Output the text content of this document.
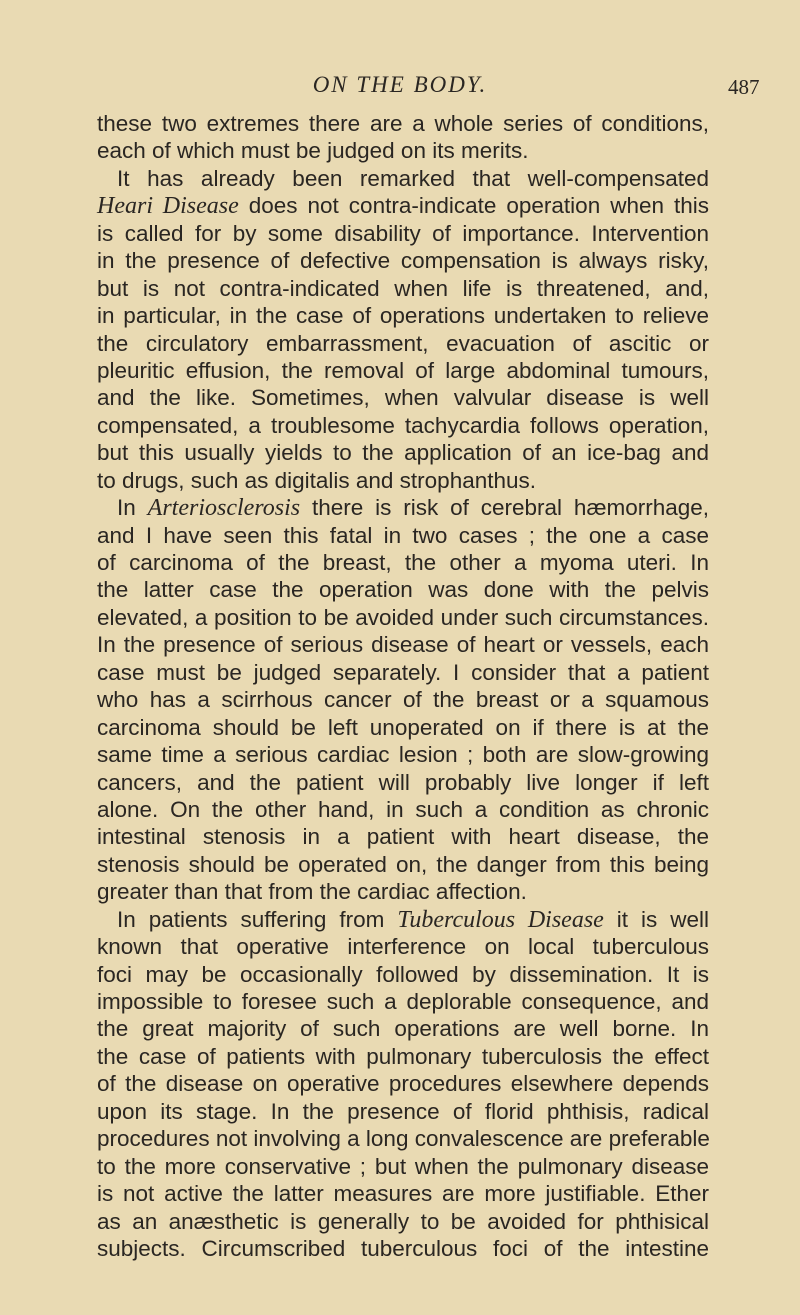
ON THE BODY.	487
these two extremes there are a whole series of conditions,
each of which must be judged on its merits.
It has already been remarked that well-compensated
Heari Disease does not contra-indicate operation when this
is called for by some disability of importance. Intervention
in the presence of defective compensation is always risky,
but is not contra-indicated when life is threatened, and,
in particular, in the case of operations undertaken to relieve
the circulatory embarrassment, evacuation of ascitic or
pleuritic effusion, the removal of large abdominal tumours,
and the like. Sometimes, when valvular disease is well
compensated, a troublesome tachycardia follows operation,
but this usually yields to the application of an ice-bag and
to drugs, such as digitalis and strophanthus.
In Arteriosclerosis there is risk of cerebral hæmorrhage,
and I have seen this fatal in two cases ; the one a case
of carcinoma of the breast, the other a myoma uteri. In
the latter case the operation was done with the pelvis
elevated, a position to be avoided under such circumstances.
In the presence of serious disease of heart or vessels, each
case must be judged separately. I consider that a patient
who has a scirrhous cancer of the breast or a squamous
carcinoma should be left unoperated on if there is at the
same time a serious cardiac lesion ; both are slow-growing
cancers, and the patient will probably live longer if left
alone. On the other hand, in such a condition as chronic
intestinal stenosis in a patient with heart disease, the
stenosis should be operated on, the danger from this being
greater than that from the cardiac affection.
In patients suffering from Tuberculous Disease it is well
known that operative interference on local tuberculous
foci may be occasionally followed by dissemination. It is
impossible to foresee such a deplorable consequence, and
the great majority of such operations are well borne. In
the case of patients with pulmonary tuberculosis the effect
of the disease on operative procedures elsewhere depends
upon its stage. In the presence of florid phthisis, radical
procedures not involving a long convalescence are preferable
to the more conservative ; but when the pulmonary disease
is not active the latter measures are more justifiable. Ether
as an anæsthetic is generally to be avoided for phthisical
subjects. Circumscribed tuberculous foci of the intestine
